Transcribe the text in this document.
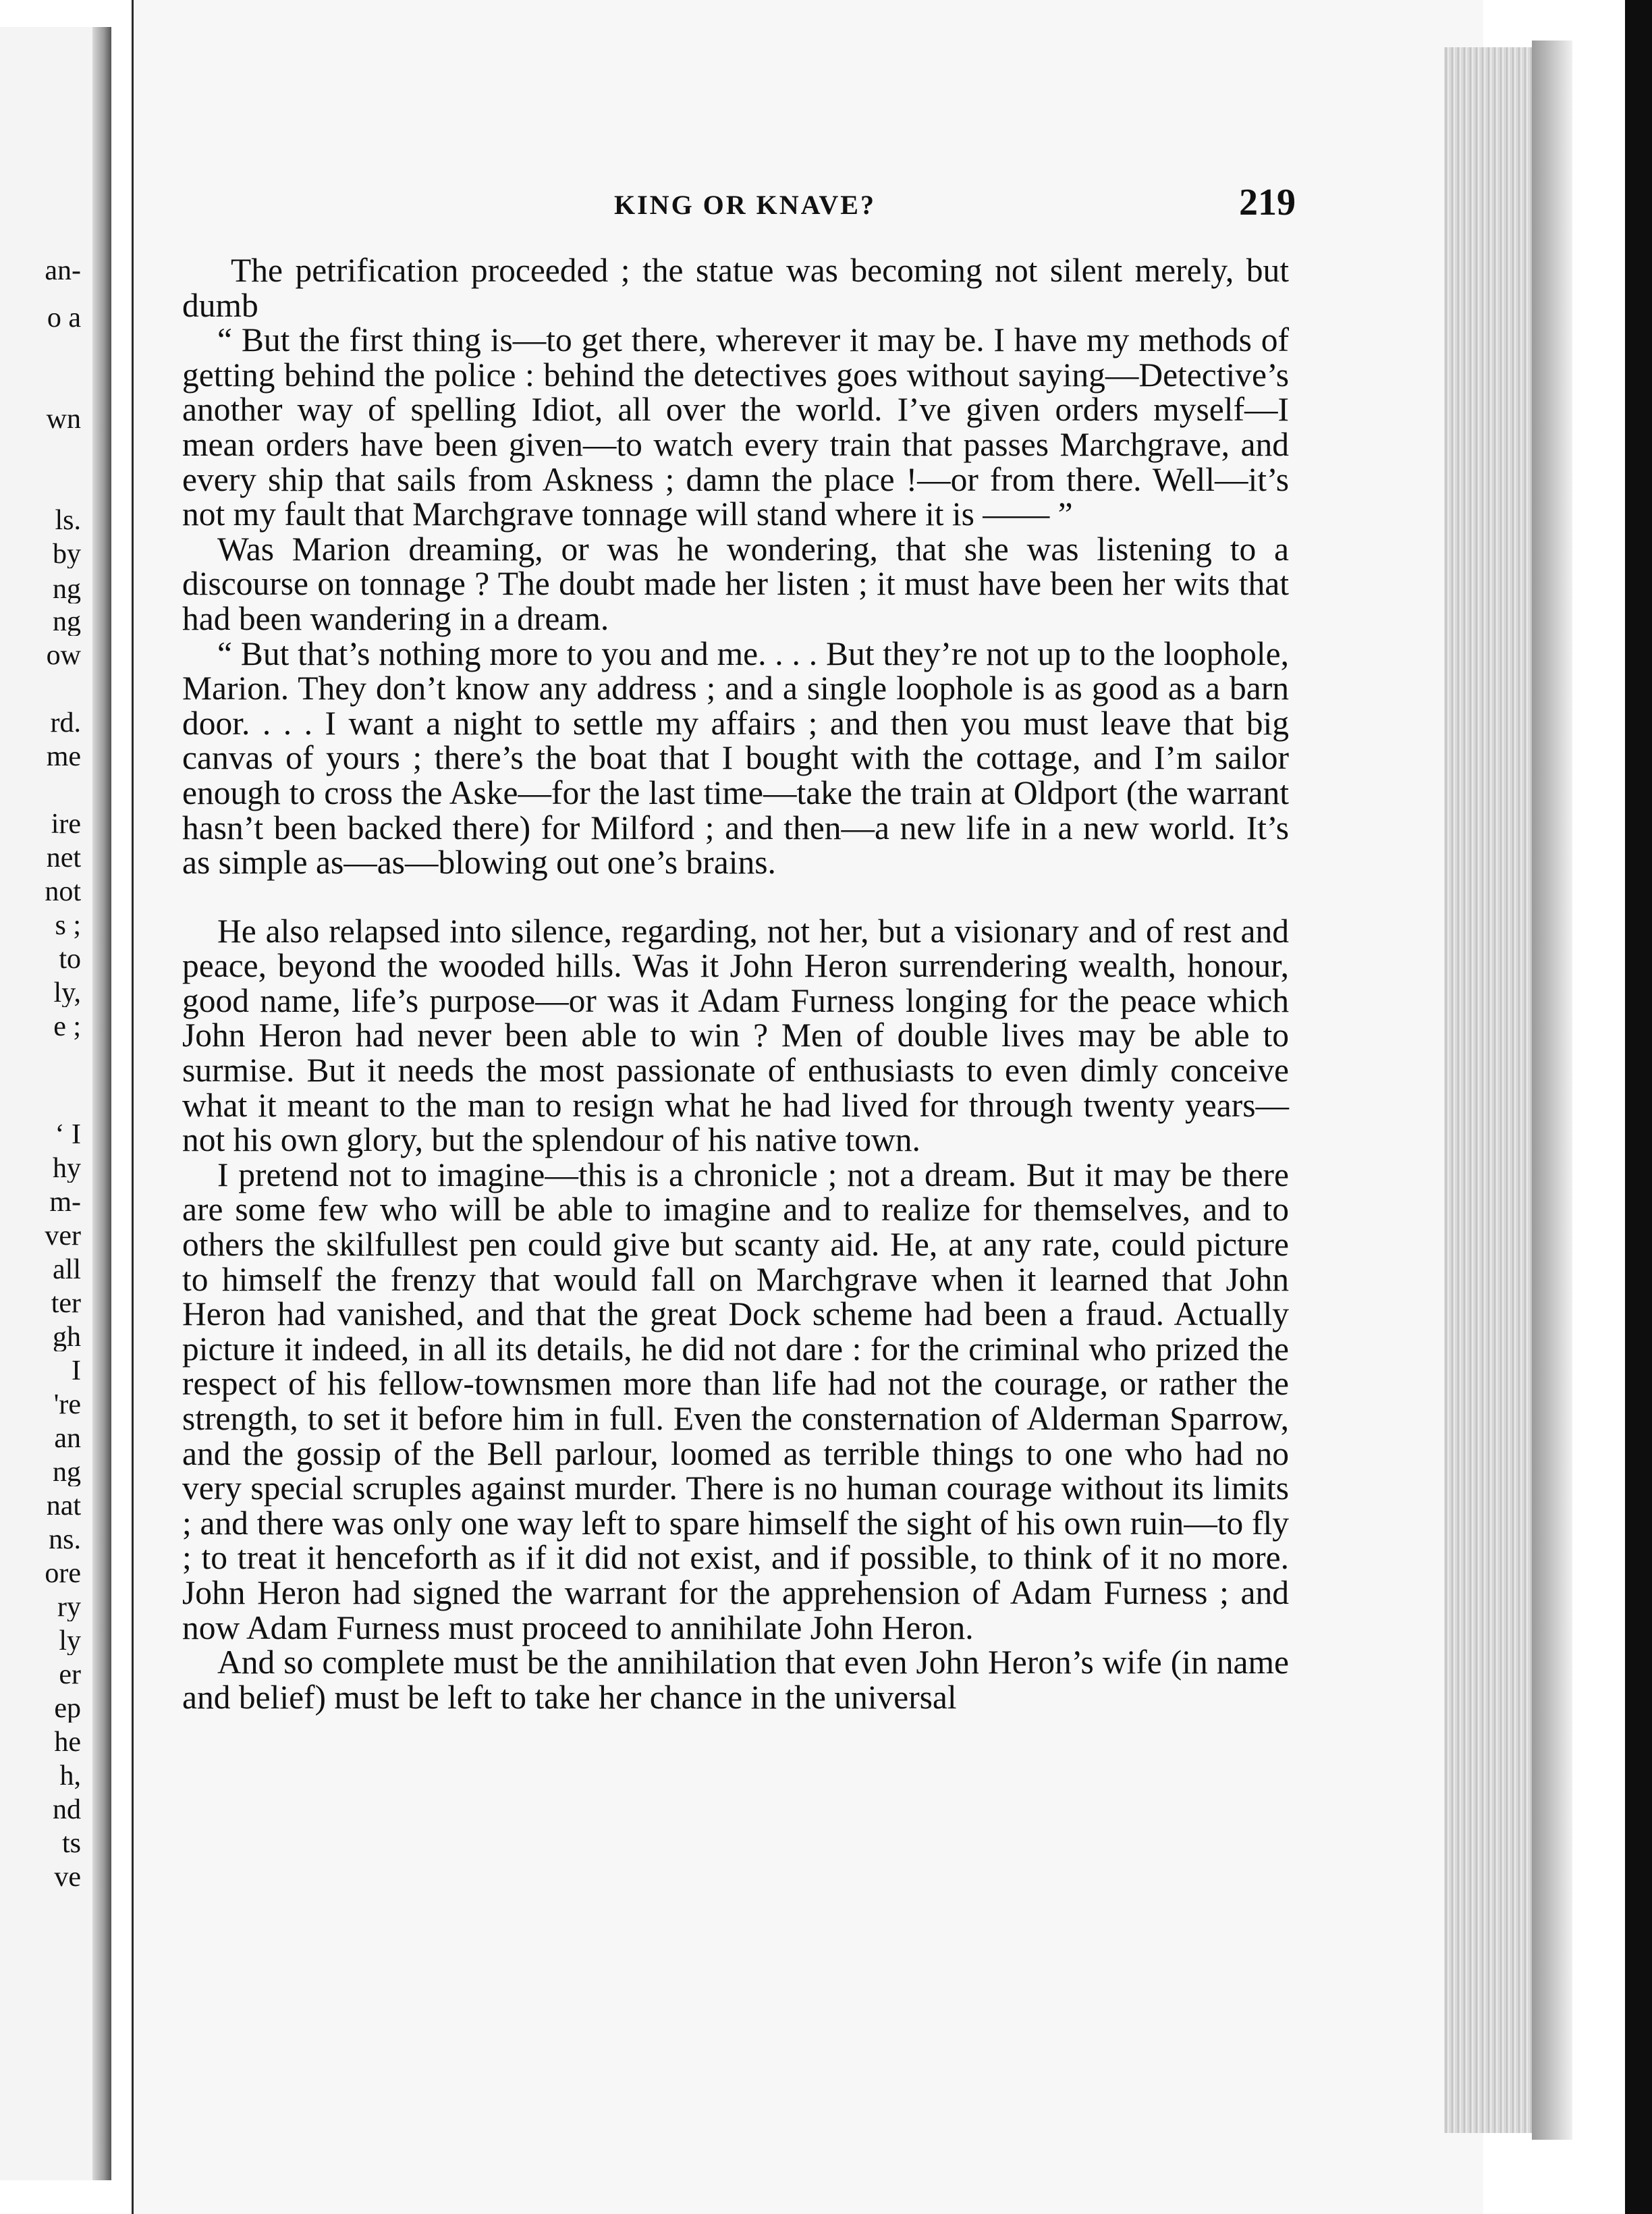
an-
o a
wn
ls.
by
ng
ng
ow
rd.
me
ire
net
not
s ;
to
ly,
e ;
‘ I
hy
m-
ver
all
ter
gh
I
're
an
ng
nat
ns.
ore
ry
ly
er
ep
he
h,
nd
ts
ve
KING OR KNAVE?	219

The petrification proceeded ; the statue was becoming not silent merely, but dumb

“ But the first thing is—to get there, wherever it may be. I have my methods of getting behind the police : behind the detectives goes without saying—Detective’s another way of spelling Idiot, all over the world. I’ve given orders myself—I mean orders have been given—to watch every train that passes Marchgrave, and every ship that sails from Askness ; damn the place !—or from there. Well—it’s not my fault that Marchgrave tonnage will stand where it is —— ”

Was Marion dreaming, or was he wondering, that she was listening to a discourse on tonnage ? The doubt made her listen ; it must have been her wits that had been wandering in a dream.

“ But that’s nothing more to you and me. . . . But they’re not up to the loophole, Marion. They don’t know any address ; and a single loophole is as good as a barn door. . . . I want a night to settle my affairs ; and then you must leave that big canvas of yours ; there’s the boat that I bought with the cottage, and I’m sailor enough to cross the Aske—for the last time—take the train at Oldport (the warrant hasn’t been backed there) for Milford ; and then—a new life in a new world. It’s as simple as—as—blowing out one’s brains.

He also relapsed into silence, regarding, not her, but a visionary and of rest and peace, beyond the wooded hills. Was it John Heron surrendering wealth, honour, good name, life’s purpose—or was it Adam Furness longing for the peace which John Heron had never been able to win ? Men of double lives may be able to surmise. But it needs the most passionate of enthusiasts to even dimly conceive what it meant to the man to resign what he had lived for through twenty years—not his own glory, but the splendour of his native town.

I pretend not to imagine—this is a chronicle ; not a dream. But it may be there are some few who will be able to imagine and to realize for themselves, and to others the skilfullest pen could give but scanty aid. He, at any rate, could picture to himself the frenzy that would fall on Marchgrave when it learned that John Heron had vanished, and that the great Dock scheme had been a fraud. Actually picture it indeed, in all its details, he did not dare : for the criminal who prized the respect of his fellow-townsmen more than life had not the courage, or rather the strength, to set it before him in full. Even the consternation of Alderman Sparrow, and the gossip of the Bell parlour, loomed as terrible things to one who had no very special scruples against murder. There is no human courage without its limits ; and there was only one way left to spare himself the sight of his own ruin—to fly ; to treat it henceforth as if it did not exist, and if possible, to think of it no more. John Heron had signed the warrant for the apprehension of Adam Furness ; and now Adam Furness must proceed to annihilate John Heron.

And so complete must be the annihilation that even John Heron’s wife (in name and belief) must be left to take her chance in the universal
